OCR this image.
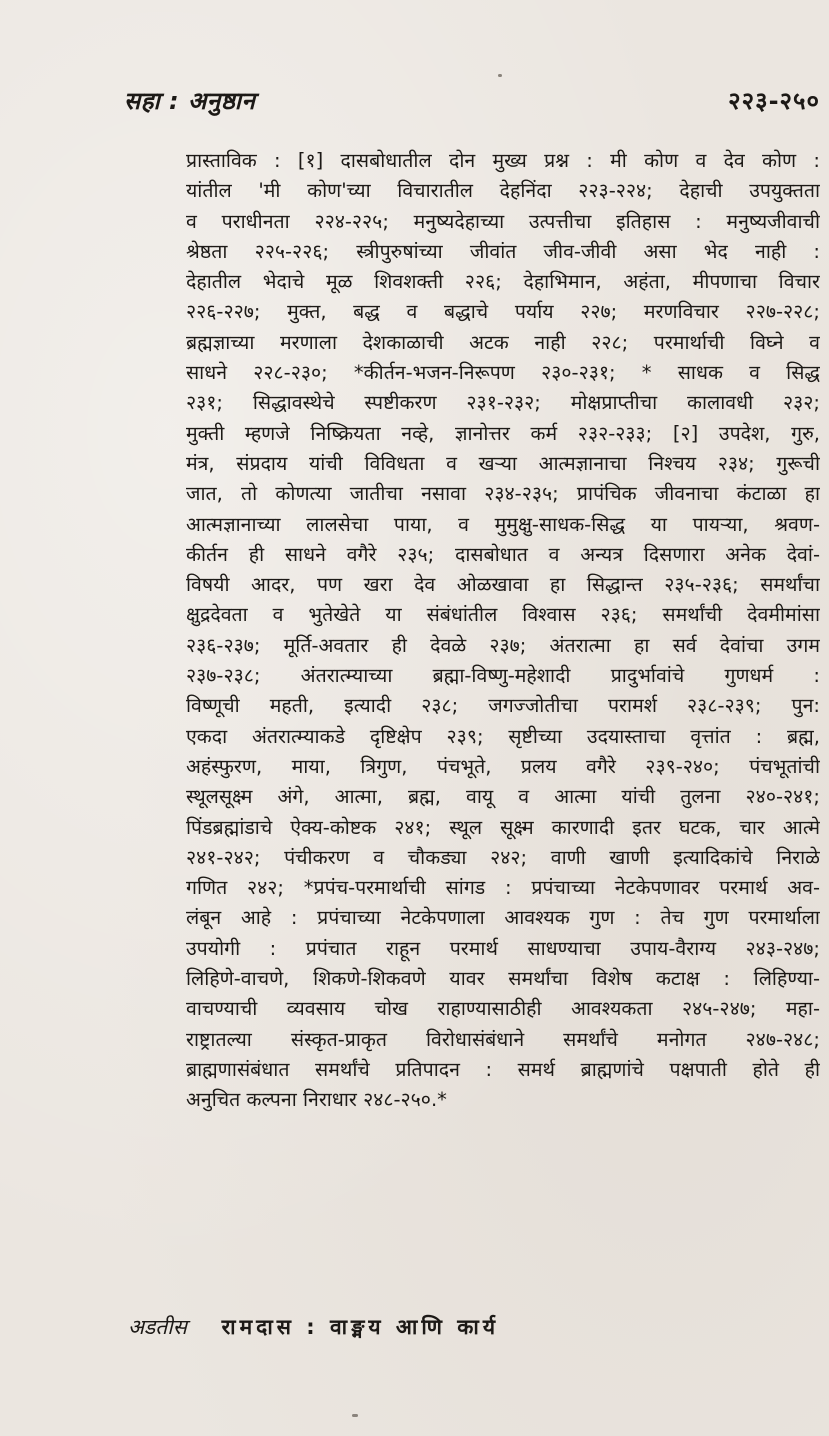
सहा : अनुष्ठान	२२३-२५०
प्रास्ताविक : [१] दासबोधातील दोन मुख्य प्रश्न : मी कोण व देव कोण :
यांतील 'मी कोण'च्या विचारातील देहनिंदा २२३-२२४; देहाची उपयुक्तता
व पराधीनता २२४-२२५; मनुष्यदेहाच्या उत्पत्तीचा इतिहास : मनुष्यजीवाची
श्रेष्ठता २२५-२२६; स्त्रीपुरुषांच्या जीवांत जीव-जीवी असा भेद नाही :
देहातील भेदाचे मूळ शिवशक्ती २२६; देहाभिमान, अहंता, मीपणाचा विचार
२२६-२२७; मुक्त, बद्ध व बद्धाचे पर्याय २२७; मरणविचार २२७-२२८;
ब्रह्मज्ञाच्या मरणाला देशकाळाची अटक नाही २२८; परमार्थाची विघ्ने व
साधने २२८-२३०; *कीर्तन-भजन-निरूपण २३०-२३१; * साधक व सिद्ध
२३१; सिद्धावस्थेचे स्पष्टीकरण २३१-२३२; मोक्षप्राप्तीचा कालावधी २३२;
मुक्ती म्हणजे निष्क्रियता नव्हे, ज्ञानोत्तर कर्म २३२-२३३; [२] उपदेश, गुरु,
मंत्र, संप्रदाय यांची विविधता व खऱ्या आत्मज्ञानाचा निश्चय २३४; गुरूची
जात, तो कोणत्या जातीचा नसावा २३४-२३५; प्रापंचिक जीवनाचा कंटाळा हा
आत्मज्ञानाच्या लालसेचा पाया, व मुमुक्षु-साधक-सिद्ध या पायऱ्या, श्रवण-
कीर्तन ही साधने वगैरे २३५; दासबोधात व अन्यत्र दिसणारा अनेक देवां-
विषयी आदर, पण खरा देव ओळखावा हा सिद्धान्त २३५-२३६; समर्थांचा
क्षुद्रदेवता व भुतेखेते या संबंधांतील विश्वास २३६; समर्थांची देवमीमांसा
२३६-२३७; मूर्ति-अवतार ही देवळे २३७; अंतरात्मा हा सर्व देवांचा उगम
२३७-२३८; अंतरात्म्याच्या ब्रह्मा-विष्णु-महेशादी प्रादुर्भावांचे गुणधर्म :
विष्णूची महती, इत्यादी २३८; जगज्जोतीचा परामर्श २३८-२३९; पुन:
एकदा अंतरात्म्याकडे दृष्टिक्षेप २३९; सृष्टीच्या उदयास्ताचा वृत्तांत : ब्रह्म,
अहंस्फुरण, माया, त्रिगुण, पंचभूते, प्रलय वगैरे २३९-२४०; पंचभूतांची
स्थूलसूक्ष्म अंगे, आत्मा, ब्रह्म, वायू व आत्मा यांची तुलना २४०-२४१;
पिंडब्रह्मांडाचे ऐक्य-कोष्टक २४१; स्थूल सूक्ष्म कारणादी इतर घटक, चार आत्मे
२४१-२४२; पंचीकरण व चौकड्या २४२; वाणी खाणी इत्यादिकांचे निराळे
गणित २४२; *प्रपंच-परमार्थाची सांगड : प्रपंचाच्या नेटकेपणावर परमार्थ अव-
लंबून आहे : प्रपंचाच्या नेटकेपणाला आवश्यक गुण : तेच गुण परमार्थाला
उपयोगी : प्रपंचात राहून परमार्थ साधण्याचा उपाय-वैराग्य २४३-२४७;
लिहिणे-वाचणे, शिकणे-शिकवणे यावर समर्थांचा विशेष कटाक्ष : लिहिण्या-
वाचण्याची व्यवसाय चोख राहाण्यासाठीही आवश्यकता २४५-२४७; महा-
राष्ट्रातल्या संस्कृत-प्राकृत विरोधासंबंधाने समर्थांचे मनोगत २४७-२४८;
ब्राह्मणासंबंधात समर्थांचे प्रतिपादन : समर्थ ब्राह्मणांचे पक्षपाती होते ही
अनुचित कल्पना निराधार २४८-२५०.*
अडतीस रामदास : वाङ्मय आणि कार्य
